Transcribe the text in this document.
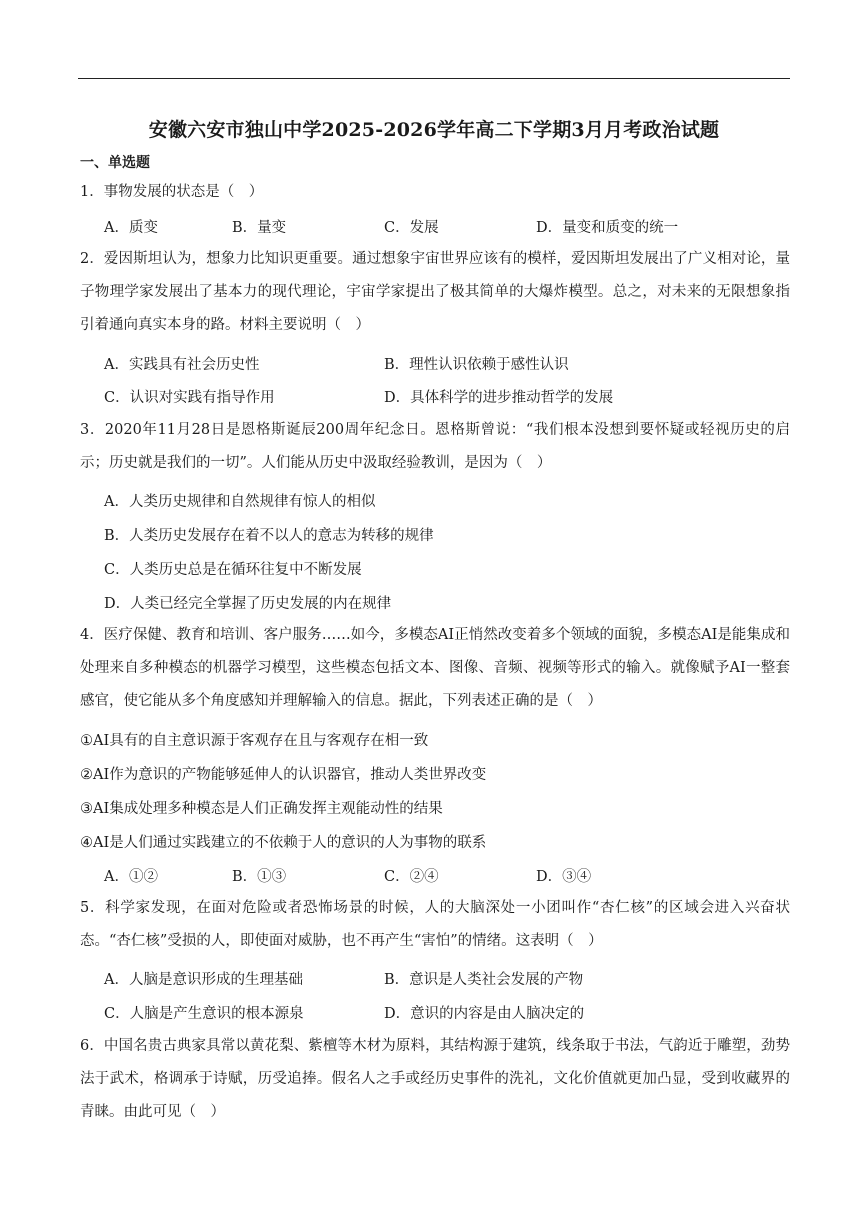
安徽六安市独山中学2025-2026学年高二下学期3月月考政治试题
一、单选题
1．事物发展的状态是（　）
A．质变	B．量变	C．发展	D．量变和质变的统一
2．爱因斯坦认为，想象力比知识更重要。通过想象宇宙世界应该有的模样，爱因斯坦发展出了广义相对论，量子物理学家发展出了基本力的现代理论，宇宙学家提出了极其简单的大爆炸模型。总之，对未来的无限想象指引着通向真实本身的路。材料主要说明（　）
A．实践具有社会历史性	B．理性认识依赖于感性认识
C．认识对实践有指导作用	D．具体科学的进步推动哲学的发展
3．2020年11月28日是恩格斯诞辰200周年纪念日。恩格斯曾说：“我们根本没想到要怀疑或轻视历史的启示；历史就是我们的一切”。人们能从历史中汲取经验教训，是因为（　）
A．人类历史规律和自然规律有惊人的相似
B．人类历史发展存在着不以人的意志为转移的规律
C．人类历史总是在循环往复中不断发展
D．人类已经完全掌握了历史发展的内在规律
4．医疗保健、教育和培训、客户服务……如今，多模态AI正悄然改变着多个领域的面貌，多模态AI是能集成和处理来自多种模态的机器学习模型，这些模态包括文本、图像、音频、视频等形式的输入。就像赋予AI一整套感官，使它能从多个角度感知并理解输入的信息。据此，下列表述正确的是（　）
①AI具有的自主意识源于客观存在且与客观存在相一致
②AI作为意识的产物能够延伸人的认识器官，推动人类世界改变
③AI集成处理多种模态是人们正确发挥主观能动性的结果
④AI是人们通过实践建立的不依赖于人的意识的人为事物的联系
A．①②	B．①③	C．②④	D．③④
5．科学家发现，在面对危险或者恐怖场景的时候，人的大脑深处一小团叫作“杏仁核”的区域会进入兴奋状态。“杏仁核”受损的人，即使面对威胁，也不再产生“害怕”的情绪。这表明（　）
A．人脑是意识形成的生理基础	B．意识是人类社会发展的产物
C．人脑是产生意识的根本源泉	D．意识的内容是由人脑决定的
6．中国名贵古典家具常以黄花梨、紫檀等木材为原料，其结构源于建筑，线条取于书法，气韵近于雕塑，劲势法于武术，格调承于诗赋，历受追捧。假名人之手或经历史事件的洗礼，文化价值就更加凸显，受到收藏界的青睐。由此可见（　）
